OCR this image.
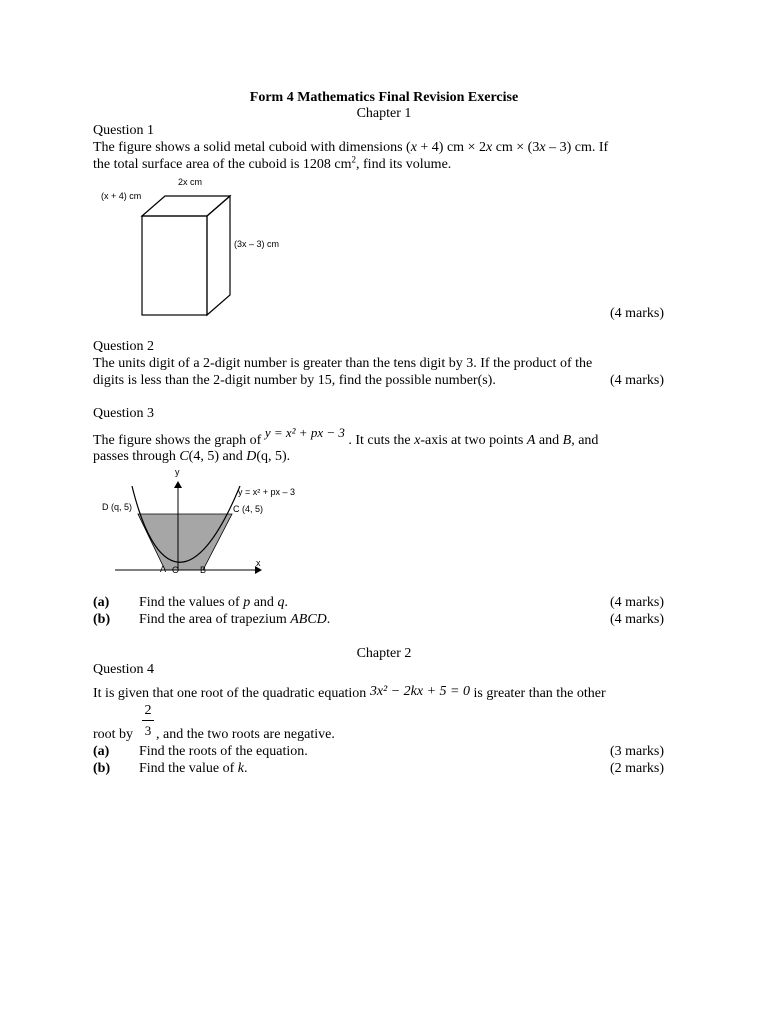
Form 4 Mathematics Final Revision Exercise
Chapter 1
Question 1
The figure shows a solid metal cuboid with dimensions (x + 4) cm × 2x cm × (3x – 3) cm. If
the total surface area of the cuboid is 1208 $cm^2$, find its volume.
2x cm
(x + 4) cm
(3x – 3) cm
(4 marks)
Question 2
The units digit of a 2-digit number is greater than the tens digit by 3. If the product of the
digits is less than the 2-digit number by 15, find the possible number(s).	(4 marks)
Question 3
The figure shows the graph of y = x² + px − 3 . It cuts the x-axis at two points A and B, and
passes through C(4, 5) and D(q, 5).
y
x
y = x² + px – 3
D (q, 5)	C (4, 5)
A O B
(a) Find the values of p and q.	(4 marks)
(b) Find the area of trapezium ABCD.	(4 marks)
Chapter 2
Question 4
It is given that one root of the quadratic equation 3x² − 2kx + 5 = 0 is greater than the other
2
3
root by , and the two roots are negative.
(a) Find the roots of the equation.	(3 marks)
(b) Find the value of k.	(2 marks)
